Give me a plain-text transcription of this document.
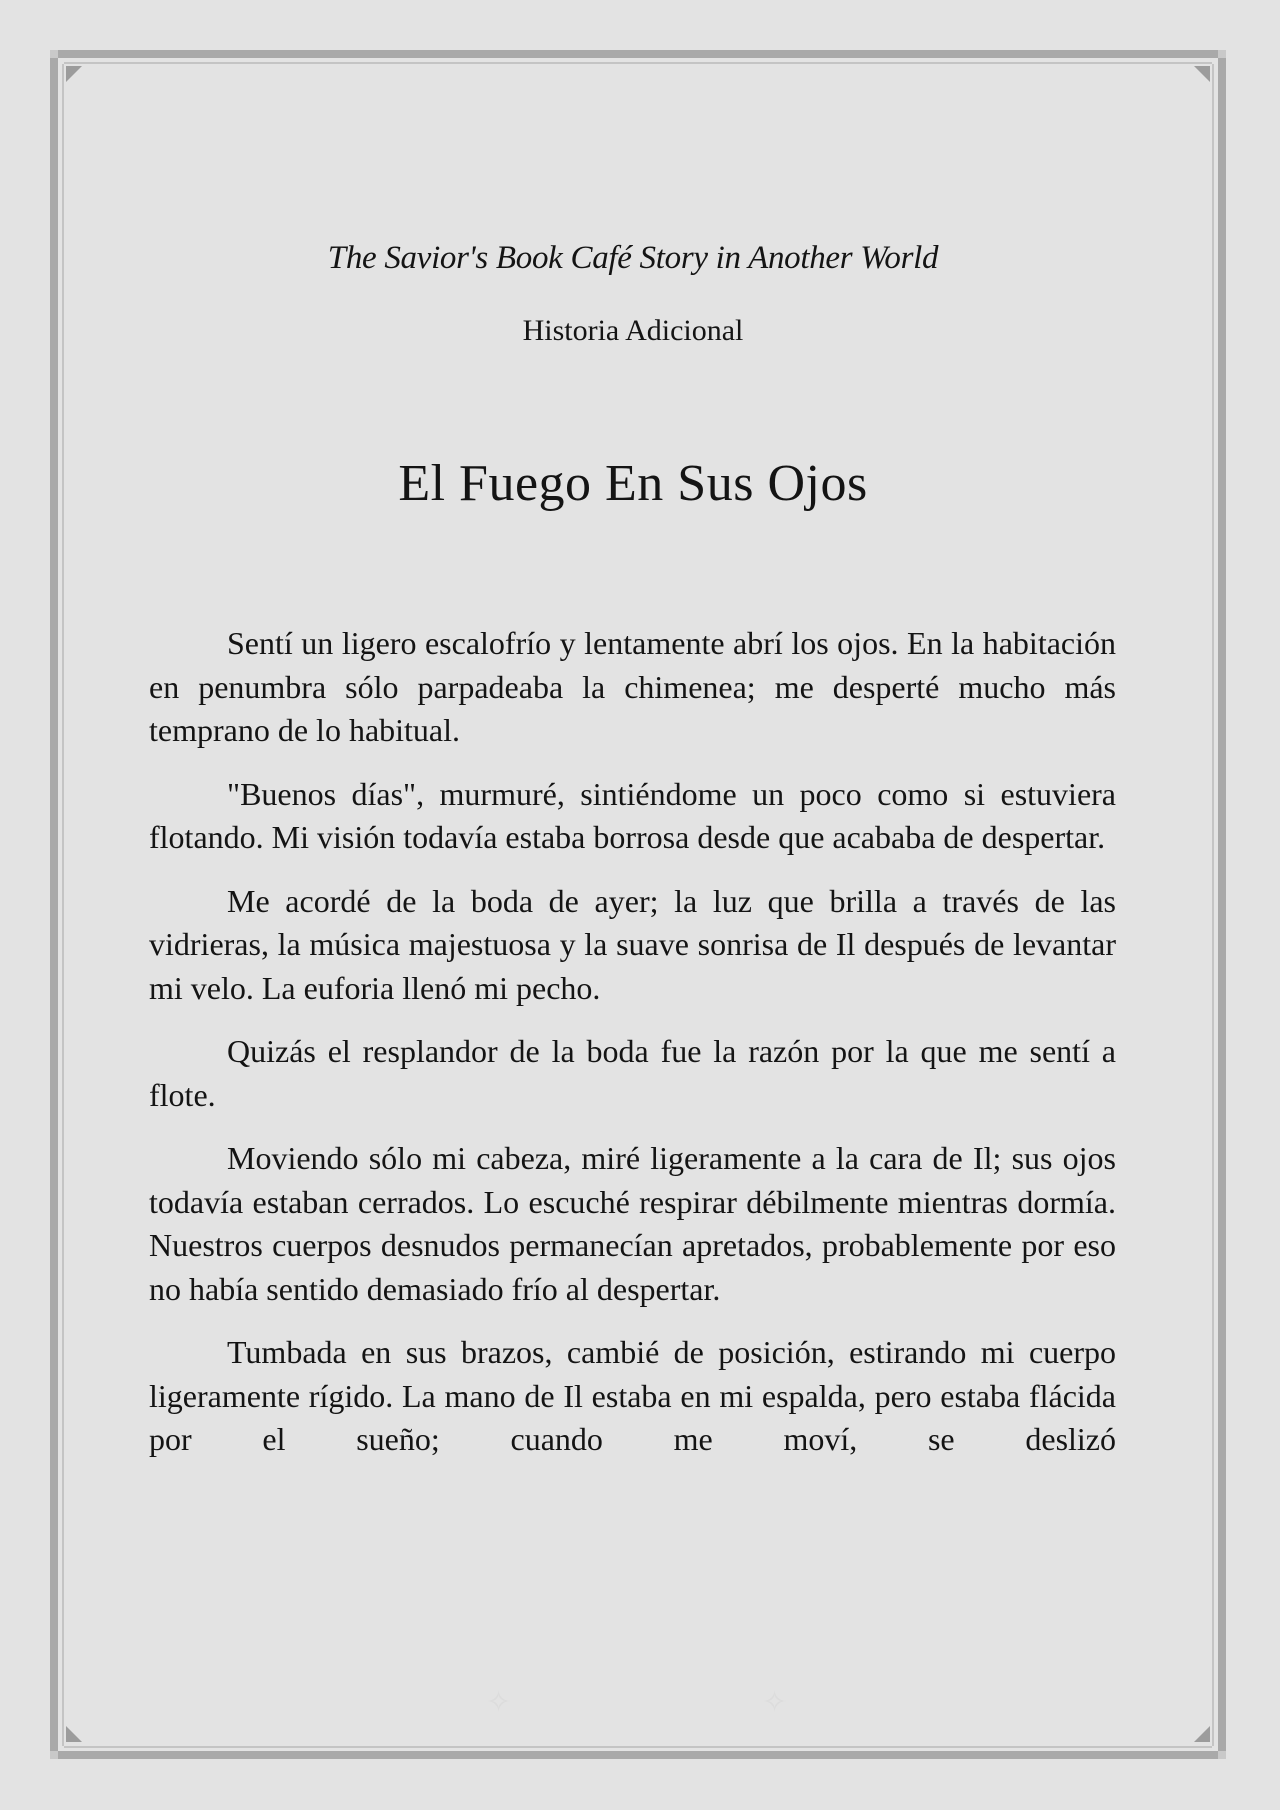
✧	✧
The Savior's Book Café Story in Another World
Historia Adicional
El Fuego En Sus Ojos

Sentí un ligero escalofrío y lentamente abrí los ojos. En la habitación en penumbra sólo parpadeaba la chimenea; me desperté mucho más temprano de lo habitual.

"Buenos días", murmuré, sintiéndome un poco como si estuviera flotando. Mi visión todavía estaba borrosa desde que acababa de despertar.

Me acordé de la boda de ayer; la luz que brilla a través de las vidrieras, la música majestuosa y la suave sonrisa de Il después de levantar mi velo. La euforia llenó mi pecho.

Quizás el resplandor de la boda fue la razón por la que me sentí a flote.

Moviendo sólo mi cabeza, miré ligeramente a la cara de Il; sus ojos todavía estaban cerrados. Lo escuché respirar débilmente mientras dormía. Nuestros cuerpos desnudos permanecían apretados, probablemente por eso no había sentido demasiado frío al despertar.

Tumbada en sus brazos, cambié de posición, estirando mi cuerpo ligeramente rígido. La mano de Il estaba en mi espalda, pero estaba flácida por el sueño; cuando me moví, se deslizó
